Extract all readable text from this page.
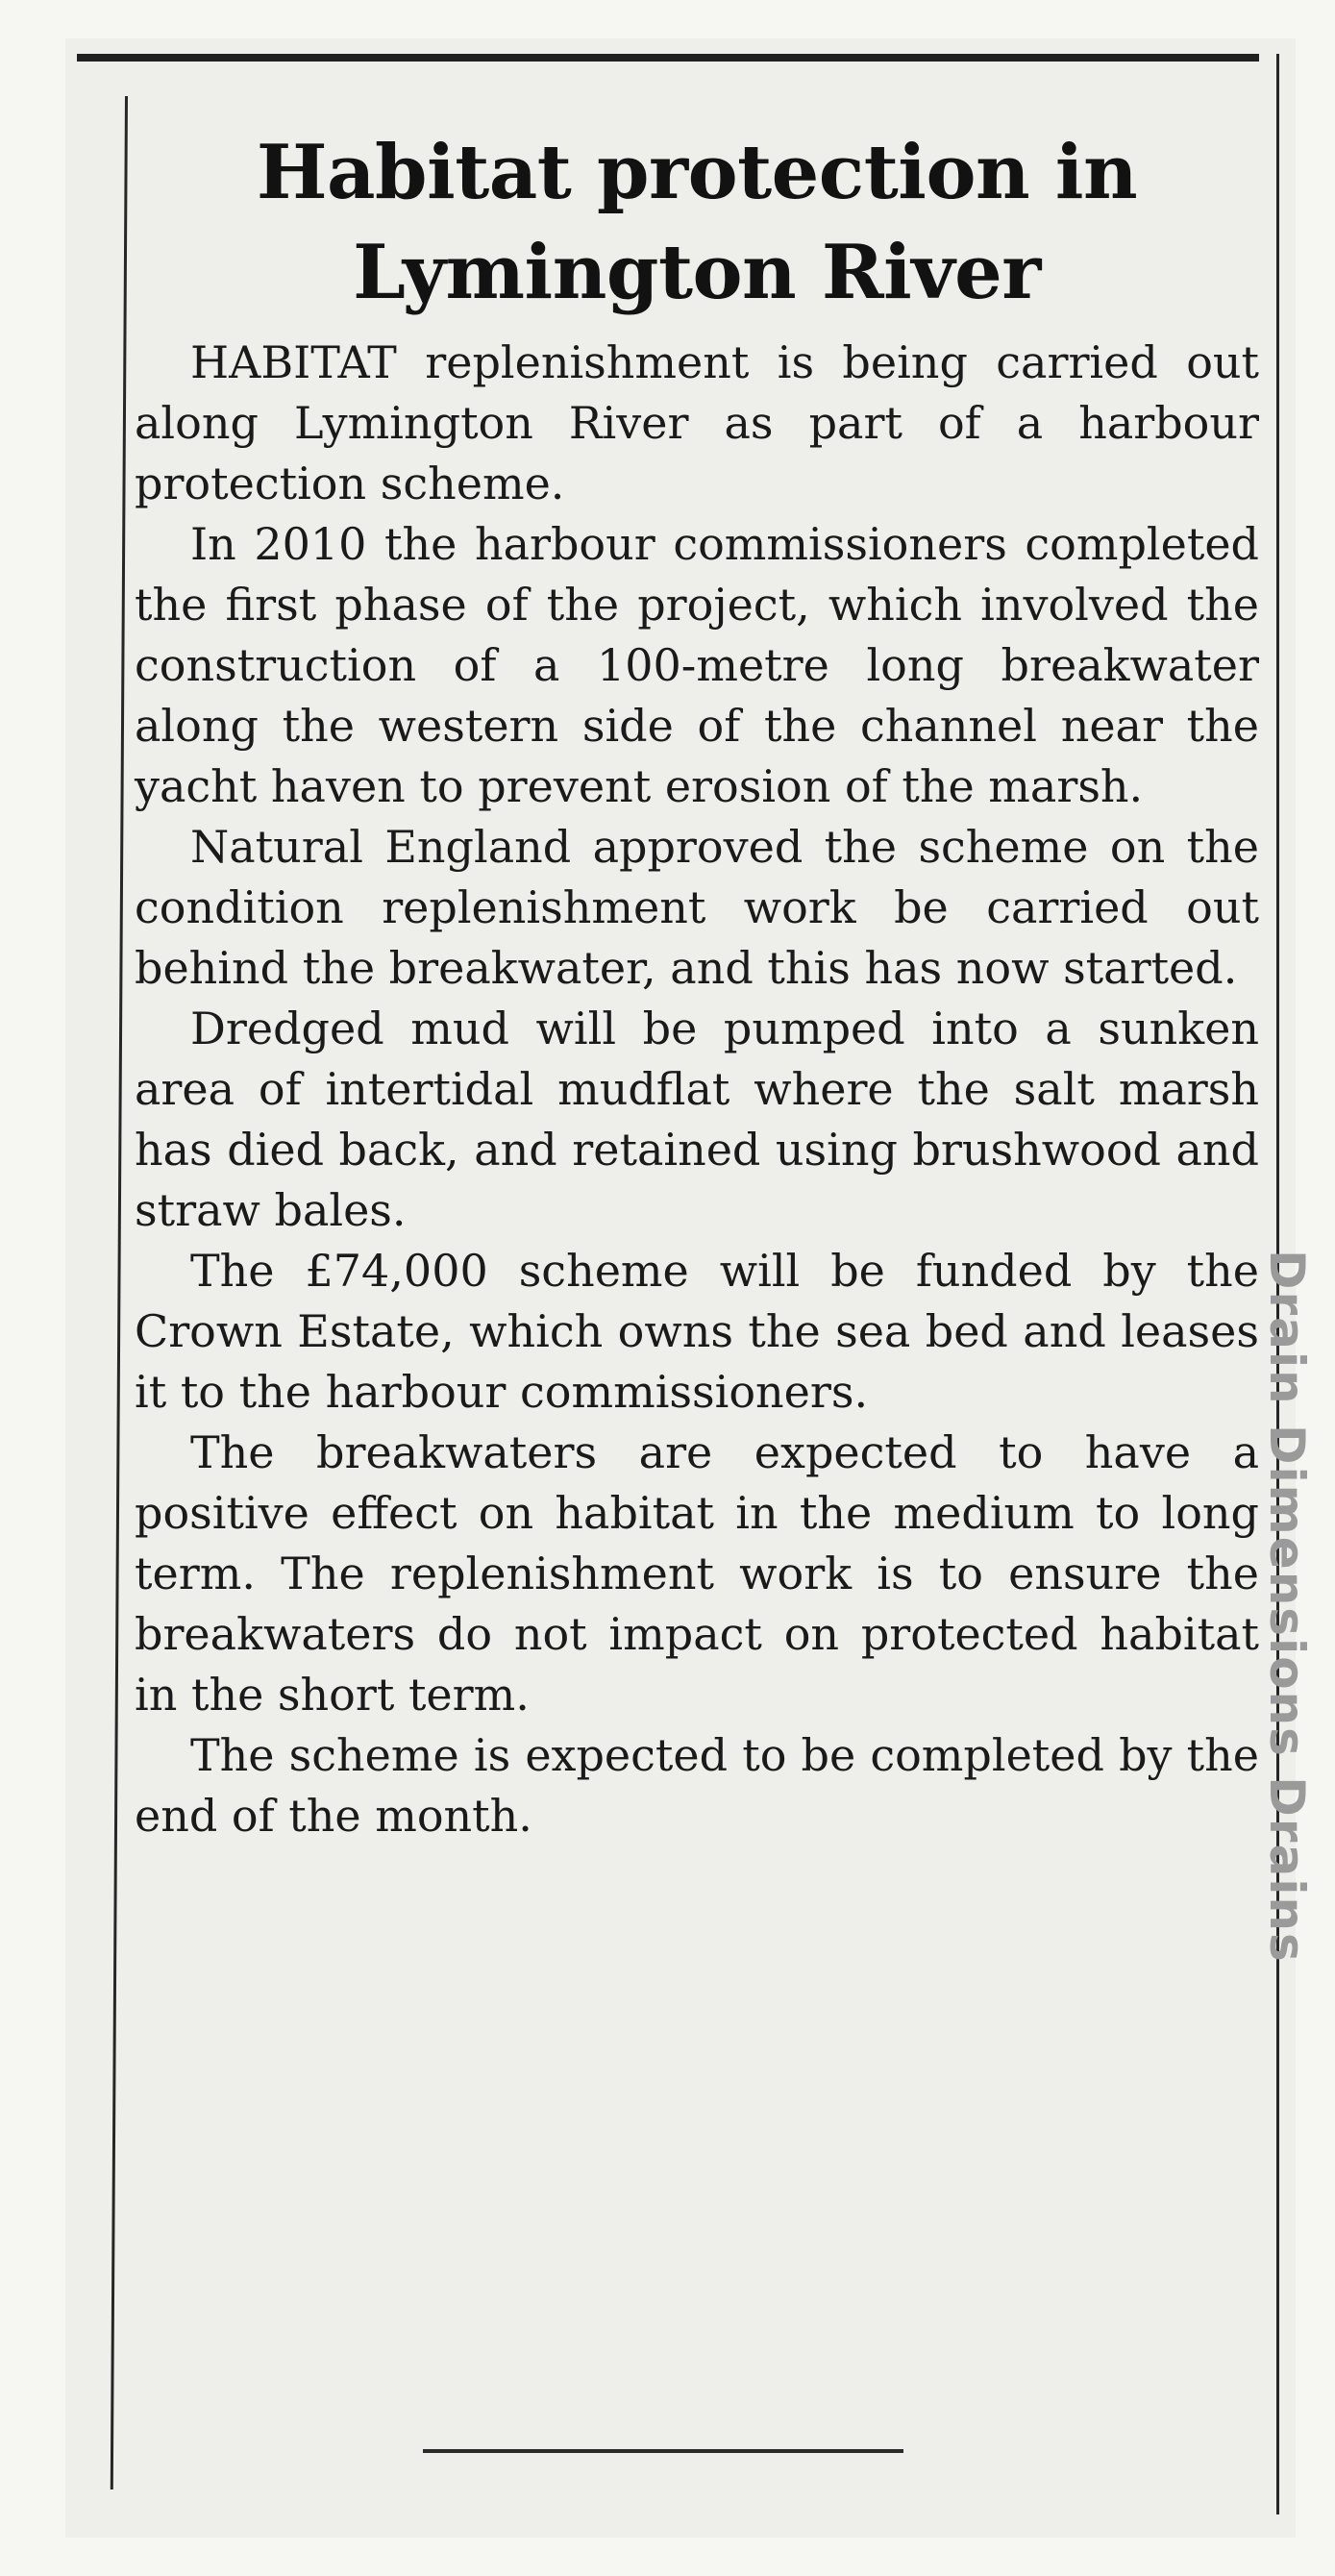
Drain Dimensions Drains
Habitat protection in Lymington River

HABITAT replenishment is being carried out along Lymington River as part of a harbour protection scheme.

In 2010 the harbour commissioners completed the first phase of the project, which involved the construction of a 100-metre long breakwater along the western side of the channel near the yacht haven to prevent erosion of the marsh.

Natural England approved the scheme on the condition replenishment work be carried out behind the breakwater, and this has now started.

Dredged mud will be pumped into a sunken area of intertidal mudflat where the salt marsh has died back, and retained using brushwood and straw bales.

The £74,000 scheme will be funded by the Crown Estate, which owns the sea bed and leases it to the harbour commissioners.

The breakwaters are expected to have a positive effect on habitat in the medium to long term. The replenishment work is to ensure the breakwaters do not impact on protected habitat in the short term.

The scheme is expected to be completed by the end of the month.
